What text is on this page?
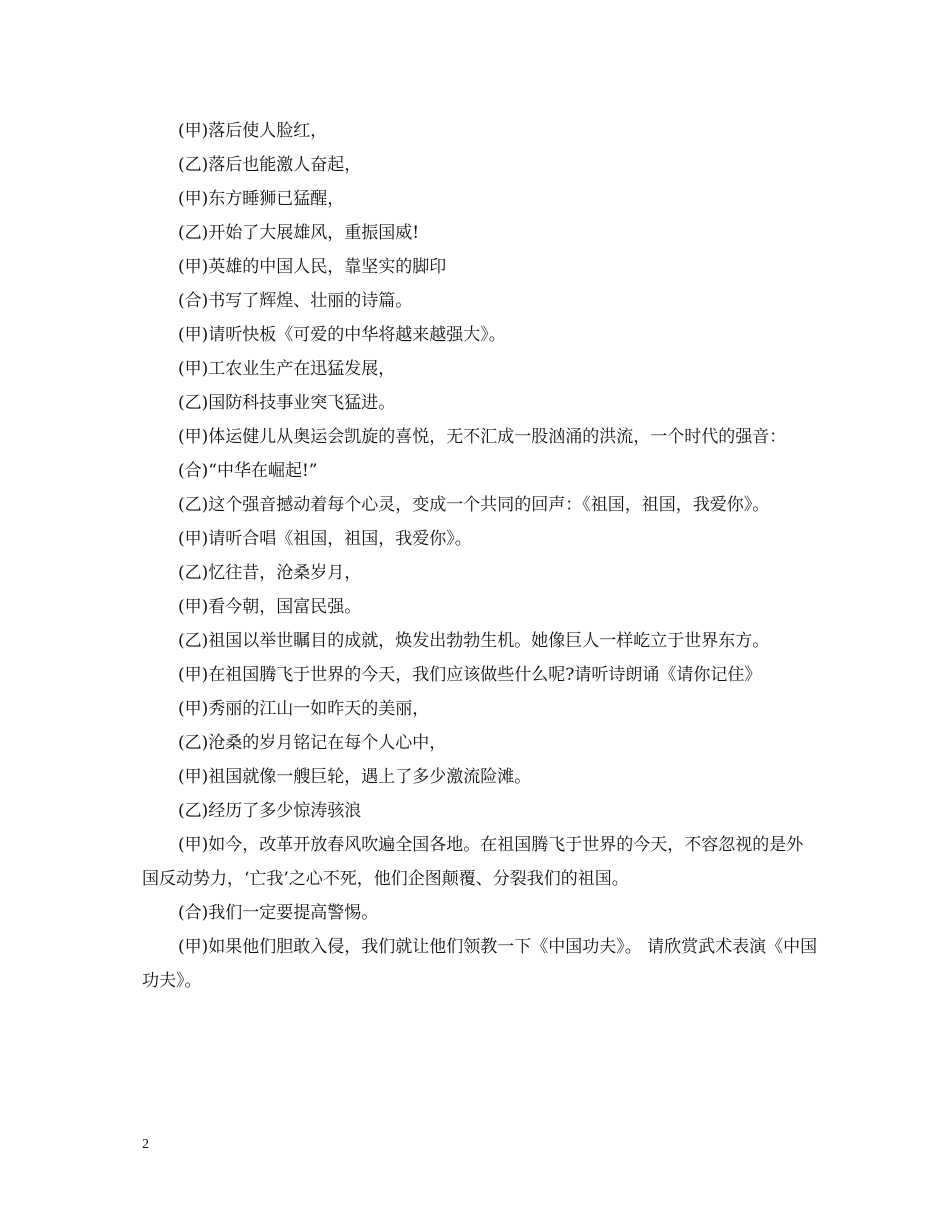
(甲)落后使人脸红，

(乙)落后也能激人奋起，

(甲)东方睡狮已猛醒，

(乙)开始了大展雄风，重振国威!

(甲)英雄的中国人民，靠坚实的脚印

(合)书写了辉煌、壮丽的诗篇。

(甲)请听快板《可爱的中华将越来越强大》。

(甲)工农业生产在迅猛发展，

(乙)国防科技事业突飞猛进。

(甲)体运健儿从奥运会凯旋的喜悦，无不汇成一股汹涌的洪流，一个时代的强音：

(合)“中华在崛起!”

(乙)这个强音撼动着每个心灵，变成一个共同的回声：《祖国，祖国，我爱你》。

(甲)请听合唱《祖国，祖国，我爱你》。

(乙)忆往昔，沧桑岁月，

(甲)看今朝，国富民强。

(乙)祖国以举世瞩目的成就，焕发出勃勃生机。她像巨人一样屹立于世界东方。

(甲)在祖国腾飞于世界的今天，我们应该做些什么呢?请听诗朗诵《请你记住》

(甲)秀丽的江山一如昨天的美丽，

(乙)沧桑的岁月铭记在每个人心中，

(甲)祖国就像一艘巨轮，遇上了多少激流险滩。

(乙)经历了多少惊涛骇浪

(甲)如今，改革开放春风吹遍全国各地。在祖国腾飞于世界的今天，不容忽视的是外国反动势力，‘亡我’之心不死，他们企图颠覆、分裂我们的祖国。

(合)我们一定要提高警惕。

(甲)如果他们胆敢入侵，我们就让他们领教一下《中国功夫》。 请欣赏武术表演《中国功夫》。

2
